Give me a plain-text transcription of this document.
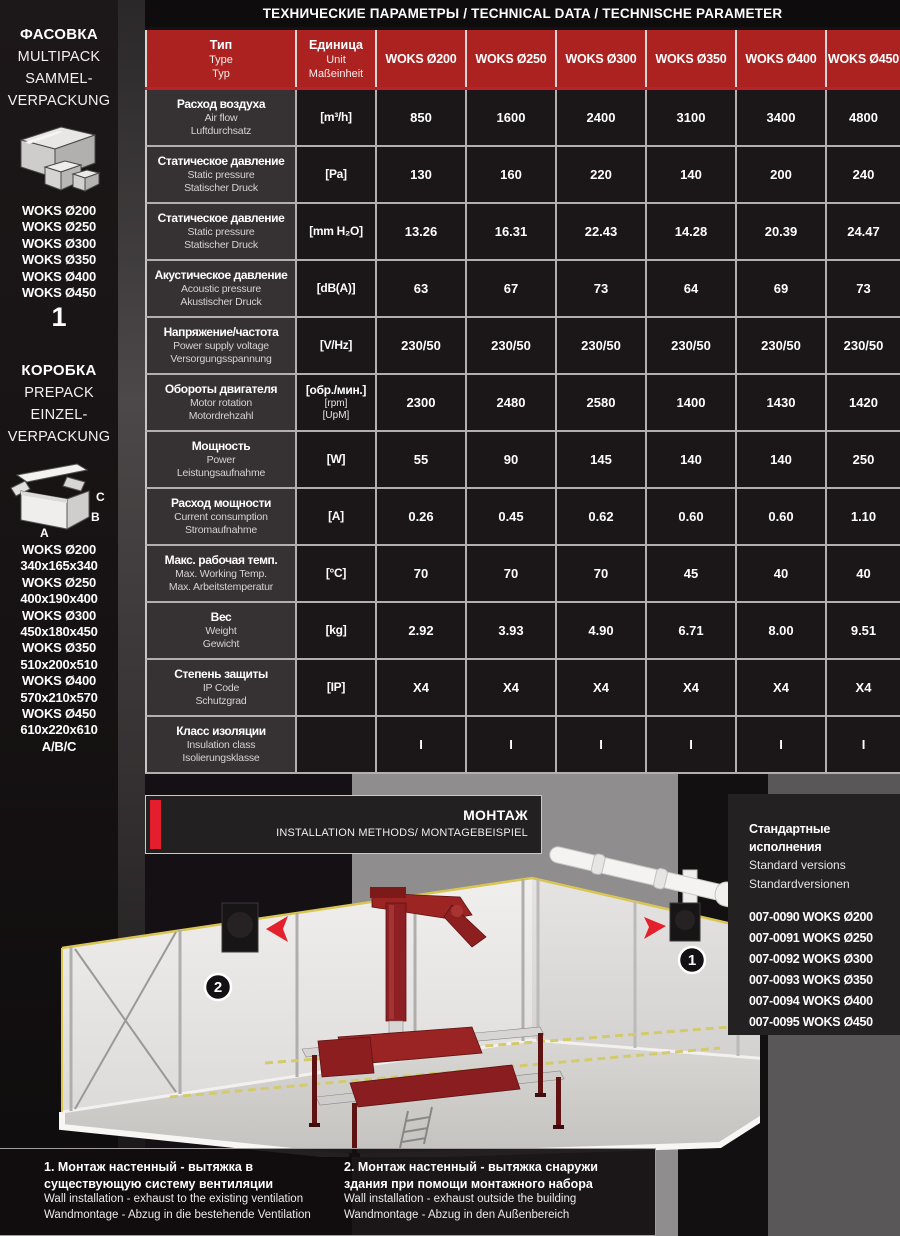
ФАСОВКА
MULTIPACK
SAMMEL-
VERPACKUNG
WOKS Ø200
WOKS Ø250
WOKS Ø300
WOKS Ø350
WOKS Ø400
WOKS Ø450
1
КОРОБКА
PREPACK
EINZEL-
VERPACKUNG
C
B
A
WOKS Ø200
340x165x340
WOKS Ø250
400x190x400
WOKS Ø300
450x180x450
WOKS Ø350
510x200x510
WOKS Ø400
570x210x570
WOKS Ø450
610x220x610
A/B/C
ТЕХНИЧЕСКИЕ ПАРАМЕТРЫ / TECHNICAL DATA / TECHNISCHE PARAMETER
Тип
Type
Typ
Единица
Unit
Maßeinheit
WOKS Ø200	WOKS Ø250	WOKS Ø300	WOKS Ø350	WOKS Ø400 WOKS Ø450
Расход воздуха
Air flow
Luftdurchsatz
[m³/h]	850	1600	2400	3100	3400	4800
Статическое давление
Static pressure
Statischer Druck
[Pa]	130	160	220	140	200	240
Статическое давление
Static pressure
Statischer Druck
[mm H₂O]	13.26	16.31	22.43	14.28	20.39	24.47
Акустическое давление
Acoustic pressure
Akustischer Druck
[dB(A)]	63	67	73	64	69	73
Напряжение/частота
Power supply voltage
Versorgungsspannung
[V/Hz]	230/50	230/50	230/50	230/50	230/50	230/50
Обороты двигателя
Motor rotation
Motordrehzahl
[обр./мин.]
[rpm]
[UpM]
2300	2480	2580	1400	1430	1420
Мощность
Power
Leistungsaufnahme
[W]	55	90	145	140	140	250
Расход мощности
Current consumption
Stromaufnahme
[A]	0.26	0.45	0.62	0.60	0.60	1.10
Макс. рабочая темп.
Max. Working Temp.
Max. Arbeitstemperatur
[°C]	70	70	70	45	40	40
Вес
Weight
Gewicht
[kg]	2.92	3.93	4.90	6.71	8.00	9.51
Степень защиты
IP Code
Schutzgrad
[IP]	X4	X4	X4	X4	X4	X4
Класс изоляции
Insulation class
Isolierungsklasse
I	I	I	I	I	I
МОНТАЖ
INSTALLATION METHODS/ MONTAGEBEISPIEL	Стандартные исполнения
Standard versions
Standardversionen
007-0090 WOKS Ø200
007-0091 WOKS Ø250
007-0092 WOKS Ø300
007-0093 WOKS Ø350
007-0094 WOKS Ø400
007-0095 WOKS Ø450
2
1
1. Монтаж настенный - вытяжка в существующую систему вентиляции
Wall installation - exhaust to the existing ventilation
Wandmontage - Abzug in die bestehende Ventilation
2. Монтаж настенный - вытяжка снаружи здания при помощи монтажного набора
Wall installation - exhaust outside the building
Wandmontage - Abzug in den Außenbereich
